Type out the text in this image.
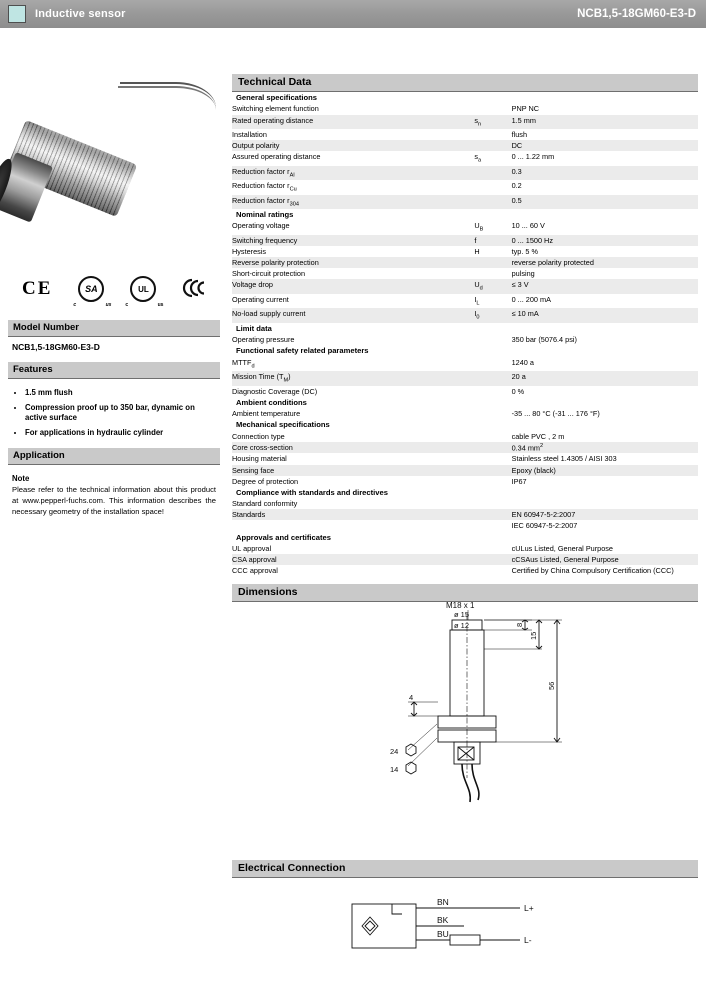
Inductive sensor	NCB1,5-18GM60-E3-D
CE	SA
c	us
UL
c	us
Model Number
NCB1,5-18GM60-E3-D
Features
• 1.5 mm flush
• Compression proof up to 350 bar, dynamic on active surface
• For applications in hydraulic cylinder
Application
Note
Please refer to the technical information about this product at www.pepperl-fuchs.com. This information describes the necessary geometry of the installation space!
Technical Data
General specifications		
Switching element function		PNP NC
Rated operating distance	$s_n$	1.5 mm
Installation		flush
Output polarity		DC
Assured operating distance	$s_a$	0 ... 1.22 mm
Reduction factor $r_{Al}$		0.3
Reduction factor $r_{Cu}$		0.2
Reduction factor $r_{304}$		0.5
Nominal ratings		
Operating voltage	$U_B$	10 ... 60 V
Switching frequency	f	0 ... 1500 Hz
Hysteresis	H	typ. 5 %
Reverse polarity protection		reverse polarity protected
Short-circuit protection		pulsing
Voltage drop	$U_d$	≤ 3 V
Operating current	$I_L$	0 ... 200 mA
No-load supply current	$I_0$	≤ 10 mA
Limit data		
Operating pressure		350 bar (5076.4 psi)
Functional safety related parameters		
$MTTF_d$		1240 a
Mission Time $(T_M)$		20 a
Diagnostic Coverage (DC)		0 %
Ambient conditions		
Ambient temperature		-35 ... 80 °C (-31 ... 176 °F)
Mechanical specifications		
Connection type		cable PVC , 2 m
Core cross-section		0.34 $mm^2$
Housing material		Stainless steel 1.4305 / AISI 303
Sensing face		Epoxy (black)
Degree of protection		IP67
Compliance with standards and directives		
Standard conformity		
Standards		EN 60947-5-2:2007
		IEC 60947-5-2:2007
Approvals and certificates		
UL approval		cULus Listed, General Purpose
CSA approval		cCSAus Listed, General Purpose
CCC approval		Certified by China Compulsory Certification (CCC)
Dimensions
M18 x 1
ø 15
ø 12	8
15
56
4
24
14
Electrical Connection
BN
BK
BU
L+
L-
